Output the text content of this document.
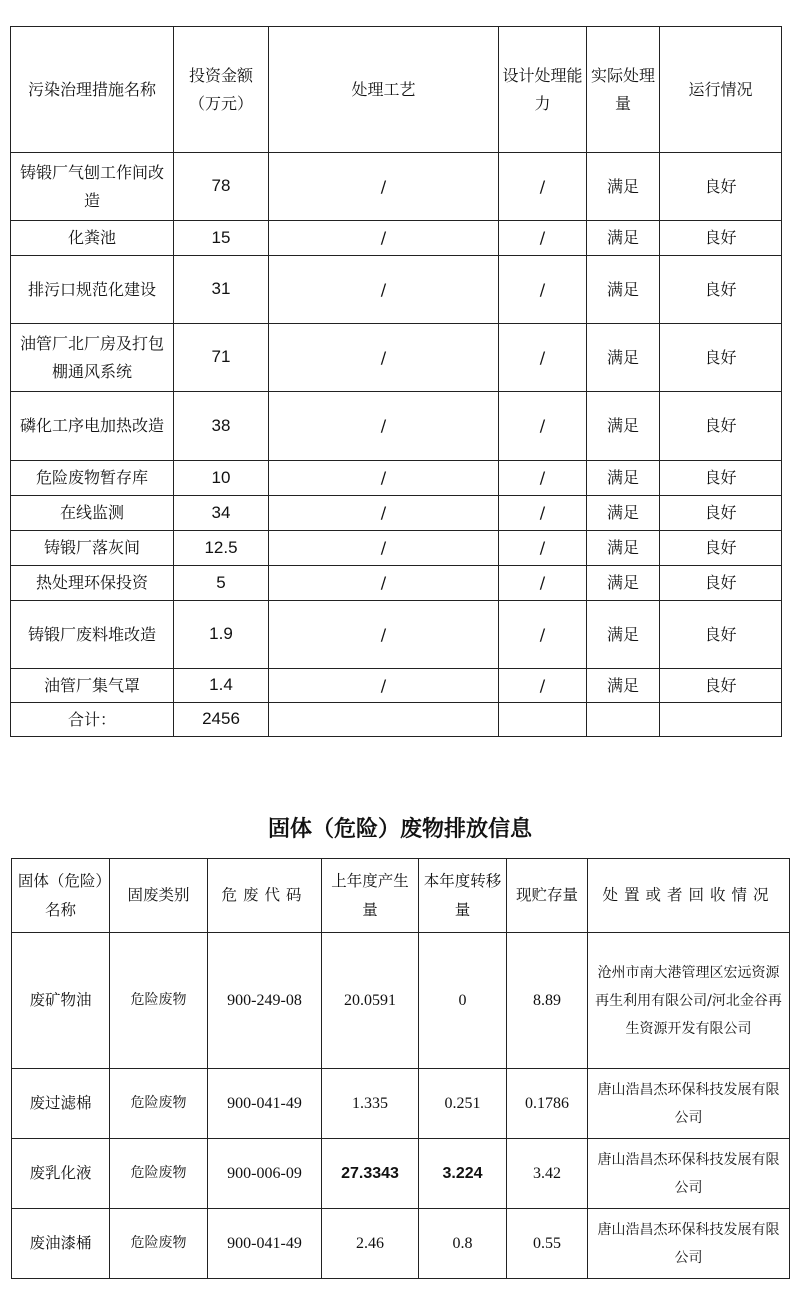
污染治理措施名称	投资金额（万元）	处理工艺	设计处理能力	实际处理量	运行情况
铸锻厂气刨工作间改造	78	/	/	满足	良好
化粪池	15	/	/	满足	良好
排污口规范化建设	31	/	/	满足	良好
油管厂北厂房及打包棚通风系统	71	/	/	满足	良好
磷化工序电加热改造	38	/	/	满足	良好
危险废物暂存库	10	/	/	满足	良好
在线监测	34	/	/	满足	良好
铸锻厂落灰间	12.5	/	/	满足	良好
热处理环保投资	5	/	/	满足	良好
铸锻厂废料堆改造	1.9	/	/	满足	良好
油管厂集气罩	1.4	/	/	满足	良好
合计：	2456				
固体（危险）废物排放信息
固体（危险）名称	固废类别	危废代码	上年度产生量	本年度转移量	现贮存量	处置或者回收情况
废矿物油	危险废物	900-249-08	20.0591	0	8.89	沧州市南大港管理区宏远资源再生利用有限公司/河北金谷再生资源开发有限公司
废过滤棉	危险废物	900-041-49	1.335	0.251	0.1786	唐山浩昌杰环保科技发展有限公司
废乳化液	危险废物	900-006-09	27.3343	3.224	3.42	唐山浩昌杰环保科技发展有限公司
废油漆桶	危险废物	900-041-49	2.46	0.8	0.55	唐山浩昌杰环保科技发展有限公司
